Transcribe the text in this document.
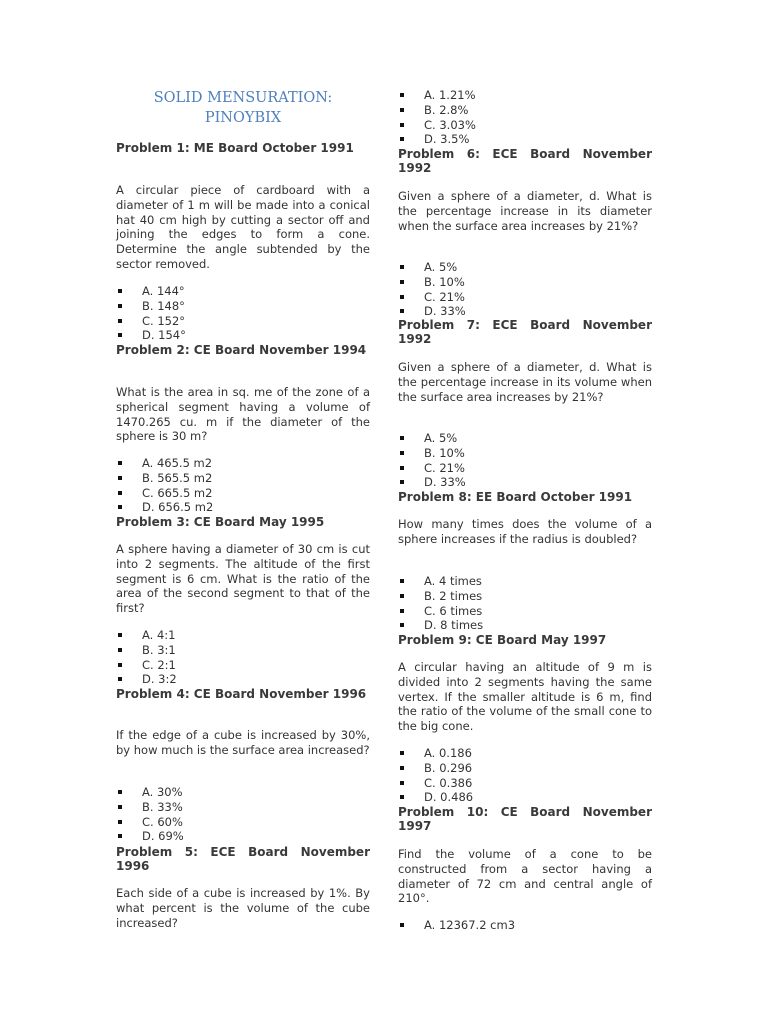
SOLID MENSURATION: PINOYBIX

Problem 1: ME Board October 1991

A circular piece of cardboard with a diameter of 1 m will be made into a conical hat 40 cm high by cutting a sector off and joining the edges to form a cone. Determine the angle subtended by the sector removed.

A. 144°
B. 148°
C. 152°
D. 154°

Problem 2: CE Board November 1994

What is the area in sq. me of the zone of a spherical segment having a volume of 1470.265 cu. m if the diameter of the sphere is 30 m?

A. 465.5 m2
B. 565.5 m2
C. 665.5 m2
D. 656.5 m2

Problem 3: CE Board May 1995

A sphere having a diameter of 30 cm is cut into 2 segments. The altitude of the first segment is 6 cm. What is the ratio of the area of the second segment to that of the first?

A. 4:1
B. 3:1
C. 2:1
D. 3:2

Problem 4: CE Board November 1996

If the edge of a cube is increased by 30%, by how much is the surface area increased?

A. 30%
B. 33%
C. 60%
D. 69%

Problem 5: ECE Board November 1996

Each side of a cube is increased by 1%. By what percent is the volume of the cube increased?

A. 1.21%
B. 2.8%
C. 3.03%
D. 3.5%

Problem 6: ECE Board November 1992

Given a sphere of a diameter, d. What is the percentage increase in its diameter when the surface area increases by 21%?

A. 5%
B. 10%
C. 21%
D. 33%

Problem 7: ECE Board November 1992

Given a sphere of a diameter, d. What is the percentage increase in its volume when the surface area increases by 21%?

A. 5%
B. 10%
C. 21%
D. 33%

Problem 8: EE Board October 1991

How many times does the volume of a sphere increases if the radius is doubled?

A. 4 times
B. 2 times
C. 6 times
D. 8 times

Problem 9: CE Board May 1997

A circular having an altitude of 9 m is divided into 2 segments having the same vertex. If the smaller altitude is 6 m, find the ratio of the volume of the small cone to the big cone.

A. 0.186
B. 0.296
C. 0.386
D. 0.486

Problem 10: CE Board November 1997

Find the volume of a cone to be constructed from a sector having a diameter of 72 cm and central angle of 210°.

A. 12367.2 cm3
